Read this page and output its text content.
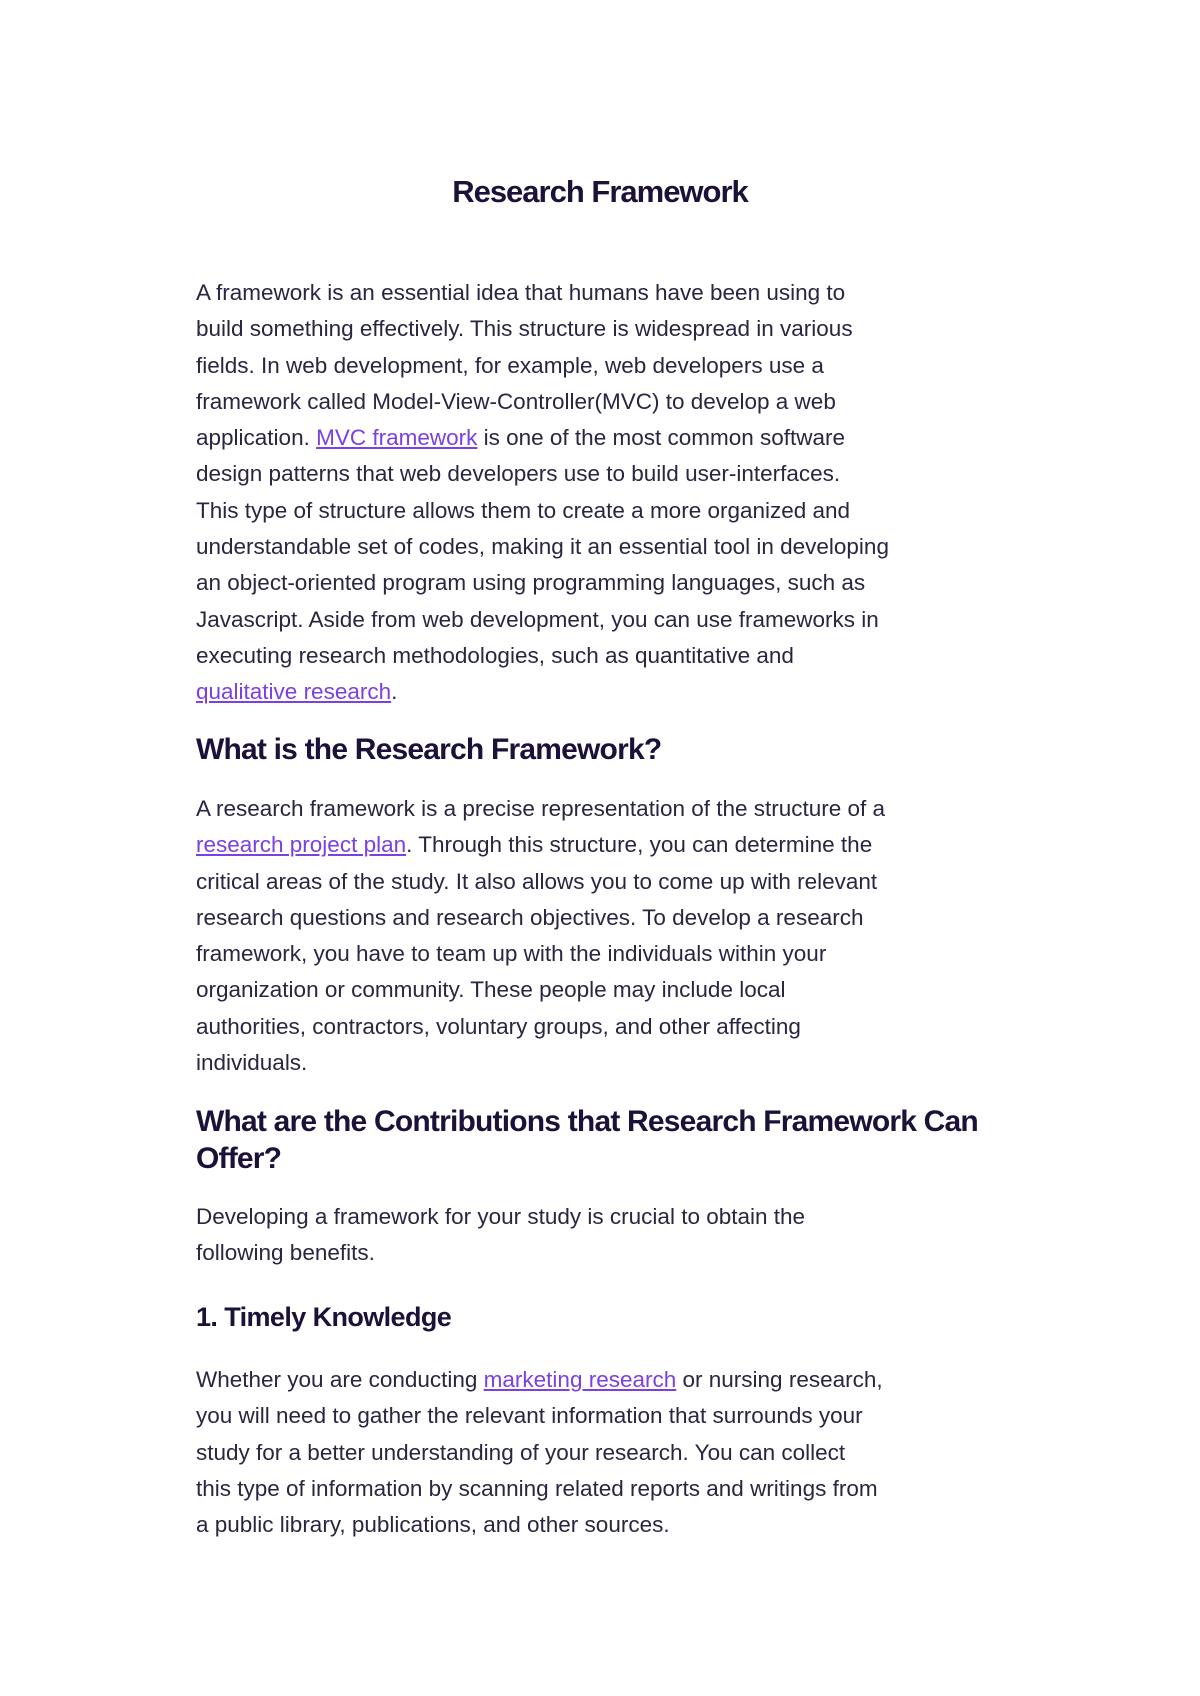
Research Framework
A framework is an essential idea that humans have been using to
build something effectively. This structure is widespread in various
fields. In web development, for example, web developers use a
framework called Model-View-Controller(MVC) to develop a web
application. MVC framework is one of the most common software
design patterns that web developers use to build user-interfaces.
This type of structure allows them to create a more organized and
understandable set of codes, making it an essential tool in developing
an object-oriented program using programming languages, such as
Javascript. Aside from web development, you can use frameworks in
executing research methodologies, such as quantitative and
qualitative research.
What is the Research Framework?
A research framework is a precise representation of the structure of a
research project plan. Through this structure, you can determine the
critical areas of the study. It also allows you to come up with relevant
research questions and research objectives. To develop a research
framework, you have to team up with the individuals within your
organization or community. These people may include local
authorities, contractors, voluntary groups, and other affecting
individuals.
What are the Contributions that Research Framework Can Offer?
Developing a framework for your study is crucial to obtain the
following benefits.
1. Timely Knowledge
Whether you are conducting marketing research or nursing research,
you will need to gather the relevant information that surrounds your
study for a better understanding of your research. You can collect
this type of information by scanning related reports and writings from
a public library, publications, and other sources.
